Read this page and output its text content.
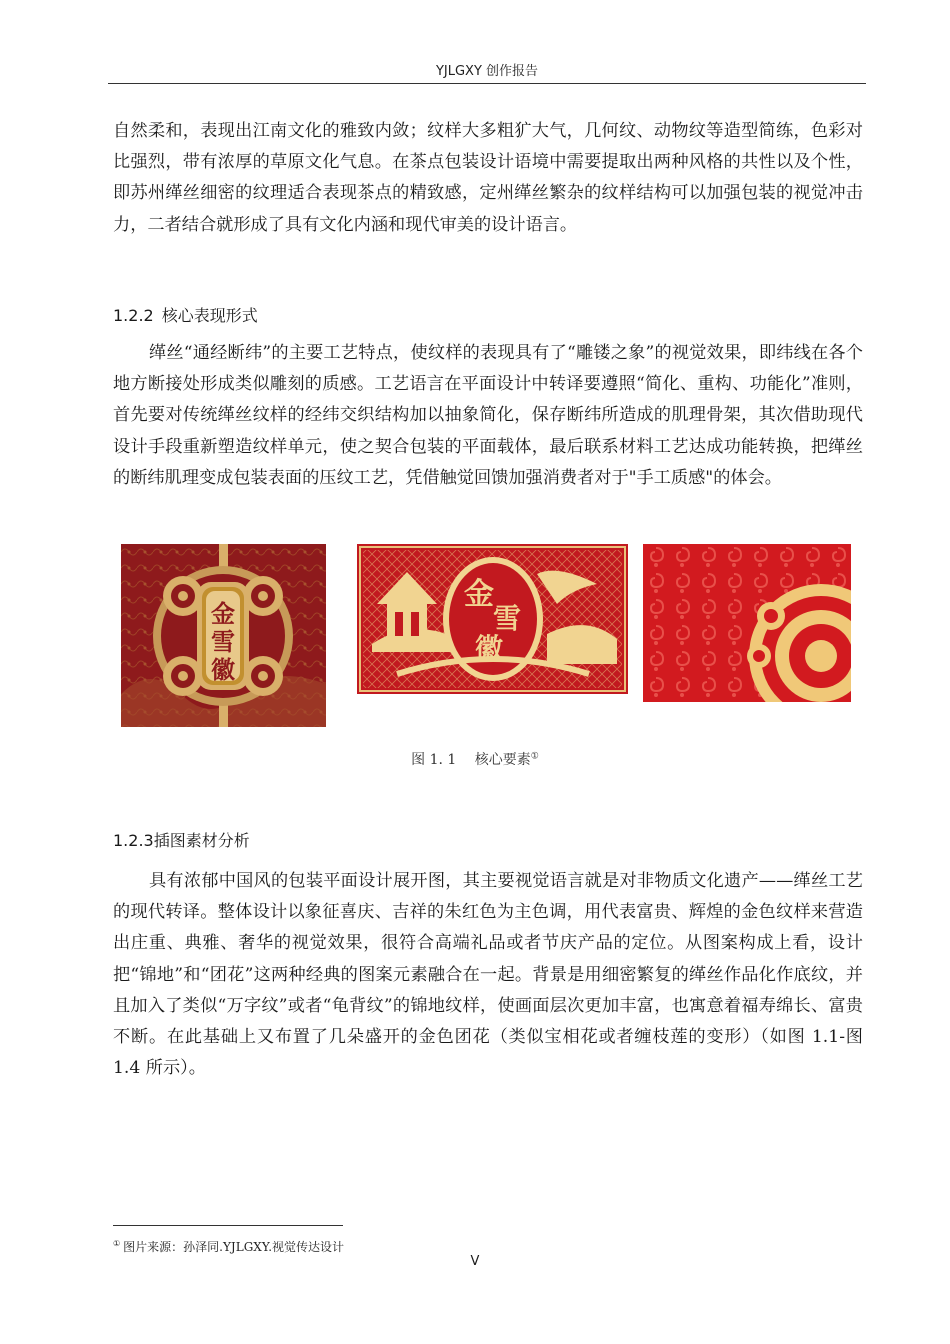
YJLGXY 创作报告

自然柔和，表现出江南文化的雅致内敛；纹样大多粗犷大气，几何纹、动物纹等造型简练，色彩对比强烈，带有浓厚的草原文化气息。在茶点包装设计语境中需要提取出两种风格的共性以及个性，即苏州缂丝细密的纹理适合表现茶点的精致感，定州缂丝繁杂的纹样结构可以加强包装的视觉冲击力，二者结合就形成了具有文化内涵和现代审美的设计语言。

1.2.2 核心表现形式

缂丝“通经断纬”的主要工艺特点，使纹样的表现具有了“雕镂之象”的视觉效果，即纬线在各个地方断接处形成类似雕刻的质感。工艺语言在平面设计中转译要遵照“简化、重构、功能化”准则，首先要对传统缂丝纹样的经纬交织结构加以抽象简化，保存断纬所造成的肌理骨架，其次借助现代设计手段重新塑造纹样单元，使之契合包装的平面载体，最后联系材料工艺达成功能转换，把缂丝的断纬肌理变成包装表面的压纹工艺，凭借触觉回馈加强消费者对于"手工质感"的体会。

金
雪
徽
金
雪
徽
图 1. 1　 核心要素①
1.2.3插图素材分析

具有浓郁中国风的包装平面设计展开图，其主要视觉语言就是对非物质文化遗产——缂丝工艺的现代转译。整体设计以象征喜庆、吉祥的朱红色为主色调，用代表富贵、辉煌的金色纹样来营造出庄重、典雅、奢华的视觉效果，很符合高端礼品或者节庆产品的定位。从图案构成上看，设计把“锦地”和“团花”这两种经典的图案元素融合在一起。背景是用细密繁复的缂丝作品化作底纹，并且加入了类似“万字纹”或者“龟背纹”的锦地纹样，使画面层次更加丰富，也寓意着福寿绵长、富贵不断。在此基础上又布置了几朵盛开的金色团花（类似宝相花或者缠枝莲的变形）（如图 1.1-图 1.4 所示）。

① 图片来源：孙泽同.YJLGXY.视觉传达设计
V
